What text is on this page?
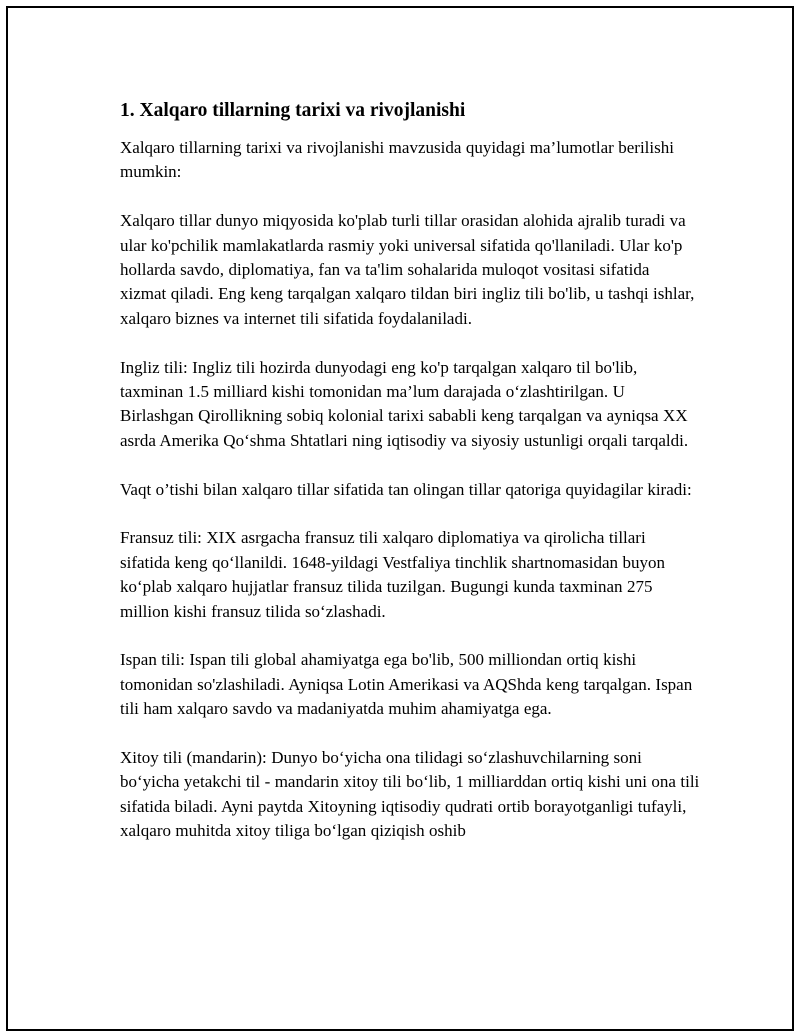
1. Xalqaro tillarning tarixi va rivojlanishi

Xalqaro tillarning tarixi va rivojlanishi mavzusida quyidagi ma’lumotlar berilishi mumkin:

Xalqaro tillar dunyo miqyosida ko'plab turli tillar orasidan alohida ajralib turadi va ular ko'pchilik mamlakatlarda rasmiy yoki universal sifatida qo'llaniladi. Ular ko'p hollarda savdo, diplomatiya, fan va ta'lim sohalarida muloqot vositasi sifatida xizmat qiladi. Eng keng tarqalgan xalqaro tildan biri ingliz tili bo'lib, u tashqi ishlar, xalqaro biznes va internet tili sifatida foydalaniladi.

Ingliz tili: Ingliz tili hozirda dunyodagi eng ko'p tarqalgan xalqaro til bo'lib, taxminan 1.5 milliard kishi tomonidan ma’lum darajada o‘zlashtirilgan. U Birlashgan Qirollikning sobiq kolonial tarixi sababli keng tarqalgan va ayniqsa XX asrda Amerika Qo‘shma Shtatlari ning iqtisodiy va siyosiy ustunligi orqali tarqaldi.

Vaqt o’tishi bilan xalqaro tillar sifatida tan olingan tillar qatoriga quyidagilar kiradi:

Fransuz tili: XIX asrgacha fransuz tili xalqaro diplomatiya va qirolicha tillari sifatida keng qo‘llanildi. 1648-yildagi Vestfaliya tinchlik shartnomasidan buyon ko‘plab xalqaro hujjatlar fransuz tilida tuzilgan. Bugungi kunda taxminan 275 million kishi fransuz tilida so‘zlashadi.

Ispan tili: Ispan tili global ahamiyatga ega bo'lib, 500 milliondan ortiq kishi tomonidan so'zlashiladi. Ayniqsa Lotin Amerikasi va AQShda keng tarqalgan. Ispan tili ham xalqaro savdo va madaniyatda muhim ahamiyatga ega.

Xitoy tili (mandarin): Dunyo bo‘yicha ona tilidagi so‘zlashuvchilarning soni bo‘yicha yetakchi til - mandarin xitoy tili bo‘lib, 1 milliarddan ortiq kishi uni ona tili sifatida biladi. Ayni paytda Xitoyning iqtisodiy qudrati ortib borayotganligi tufayli, xalqaro muhitda xitoy tiliga bo‘lgan qiziqish oshib
